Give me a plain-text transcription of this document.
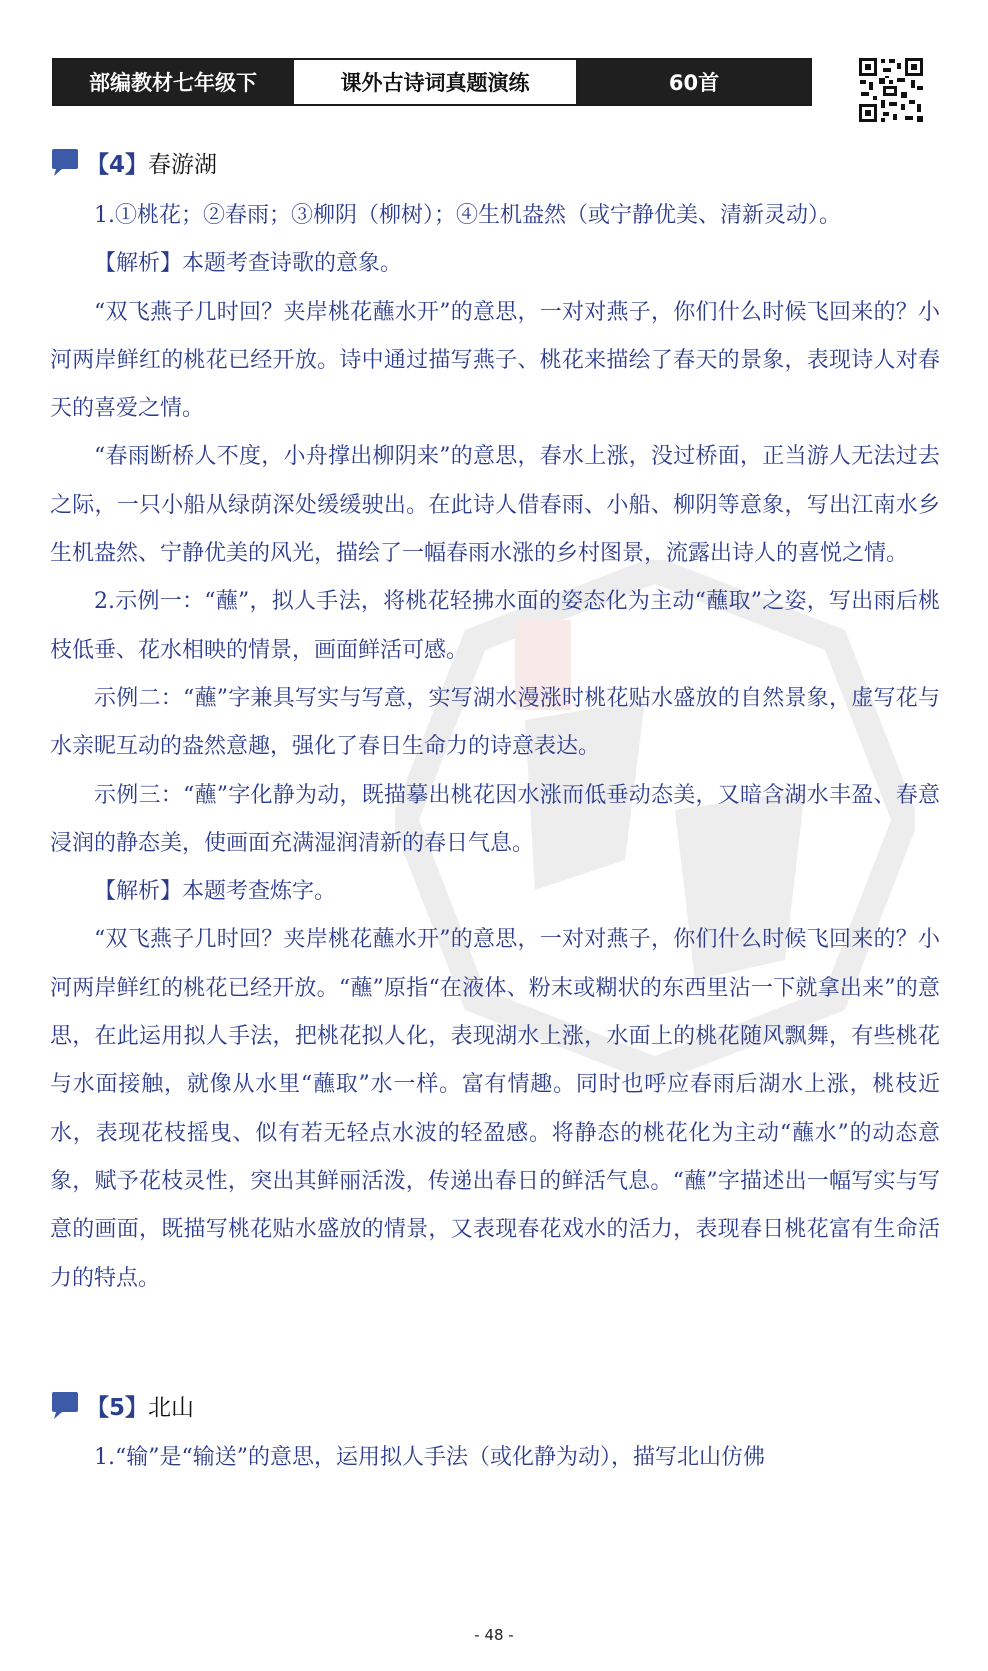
部编教材七年级下	课外古诗词真题演练	60首
【4】 春游湖

1.①桃花；②春雨；③柳阴（柳树）；④生机盎然（或宁静优美、清新灵动）。

【解析】本题考查诗歌的意象。

“双飞燕子几时回？夹岸桃花蘸水开”的意思，一对对燕子，你们什么时候飞回来的？小河两岸鲜红的桃花已经开放。诗中通过描写燕子、桃花来描绘了春天的景象，表现诗人对春天的喜爱之情。

“春雨断桥人不度，小舟撑出柳阴来”的意思，春水上涨，没过桥面，正当游人无法过去之际，一只小船从绿荫深处缓缓驶出。在此诗人借春雨、小船、柳阴等意象，写出江南水乡生机盎然、宁静优美的风光，描绘了一幅春雨水涨的乡村图景，流露出诗人的喜悦之情。

2.示例一：“蘸”，拟人手法，将桃花轻拂水面的姿态化为主动“蘸取”之姿，写出雨后桃枝低垂、花水相映的情景，画面鲜活可感。

示例二：“蘸”字兼具写实与写意，实写湖水漫涨时桃花贴水盛放的自然景象，虚写花与水亲昵互动的盎然意趣，强化了春日生命力的诗意表达。

示例三：“蘸”字化静为动，既描摹出桃花因水涨而低垂动态美，又暗含湖水丰盈、春意浸润的静态美，使画面充满湿润清新的春日气息。

【解析】本题考查炼字。

“双飞燕子几时回？夹岸桃花蘸水开”的意思，一对对燕子，你们什么时候飞回来的？小河两岸鲜红的桃花已经开放。“蘸”原指“在液体、粉末或糊状的东西里沾一下就拿出来”的意思，在此运用拟人手法，把桃花拟人化，表现湖水上涨，水面上的桃花随风飘舞，有些桃花与水面接触，就像从水里“蘸取”水一样。富有情趣。同时也呼应春雨后湖水上涨，桃枝近水，表现花枝摇曳、似有若无轻点水波的轻盈感。将静态的桃花化为主动“蘸水”的动态意象，赋予花枝灵性，突出其鲜丽活泼，传递出春日的鲜活气息。“蘸”字描述出一幅写实与写意的画面，既描写桃花贴水盛放的情景，又表现春花戏水的活力，表现春日桃花富有生命活力的特点。

【5】 北山

1.“输”是“输送”的意思，运用拟人手法（或化静为动），描写北山仿佛

- 48 -
